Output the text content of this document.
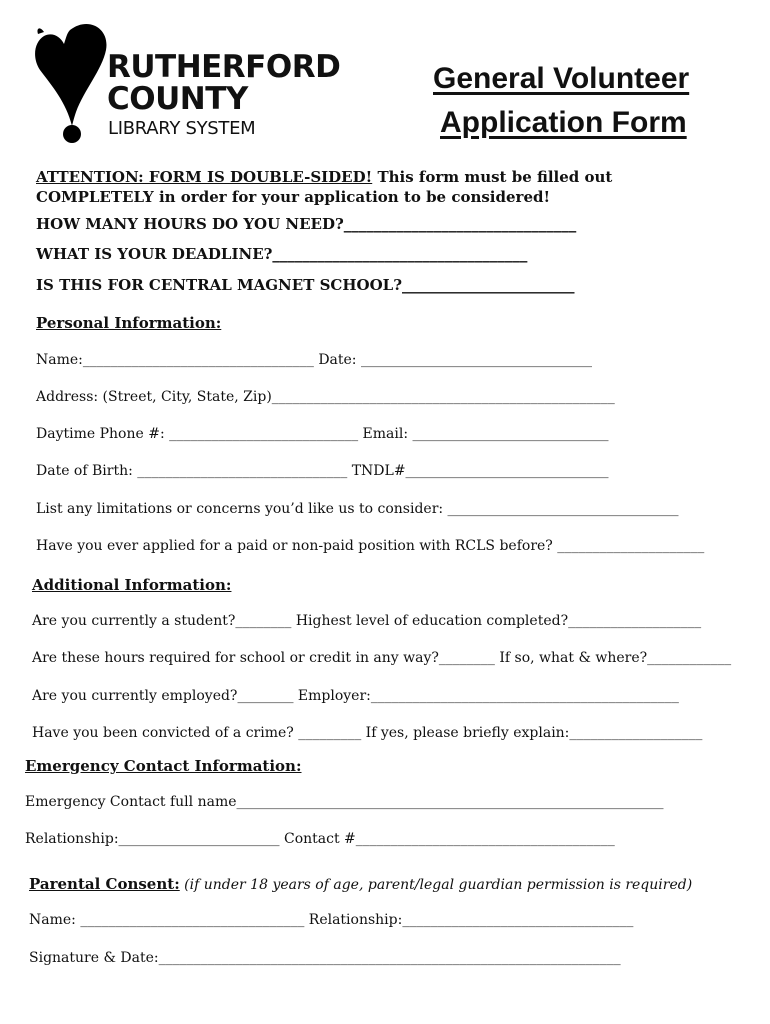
RUTHERFORD
COUNTY
LIBRARY SYSTEM
General Volunteer
Application Form
ATTENTION: FORM IS DOUBLE-SIDED! This form must be filled out
COMPLETELY in order for your application to be considered!
HOW MANY HOURS DO YOU NEED?_______________________________
WHAT IS YOUR DEADLINE?__________________________________
IS THIS FOR CENTRAL MAGNET SCHOOL?_______________________
Personal Information:
Name:_________________________________ Date: _________________________________
Address: (Street, City, State, Zip)_________________________________________________
Daytime Phone #: ___________________________ Email: ____________________________
Date of Birth: ______________________________ TNDL#_____________________________
List any limitations or concerns you’d like us to consider: _________________________________
Have you ever applied for a paid or non-paid position with RCLS before? _____________________
Additional Information:
Are you currently a student?________ Highest level of education completed?___________________
Are these hours required for school or credit in any way?________ If so, what & where?____________
Are you currently employed?________ Employer:____________________________________________
Have you been convicted of a crime? _________ If yes, please briefly explain:___________________
Emergency Contact Information:
Emergency Contact full name_____________________________________________________________
Relationship:_______________________ Contact #_____________________________________
Parental Consent: (if under 18 years of age, parent/legal guardian permission is required)
Name: ________________________________ Relationship:_________________________________
Signature & Date:__________________________________________________________________
